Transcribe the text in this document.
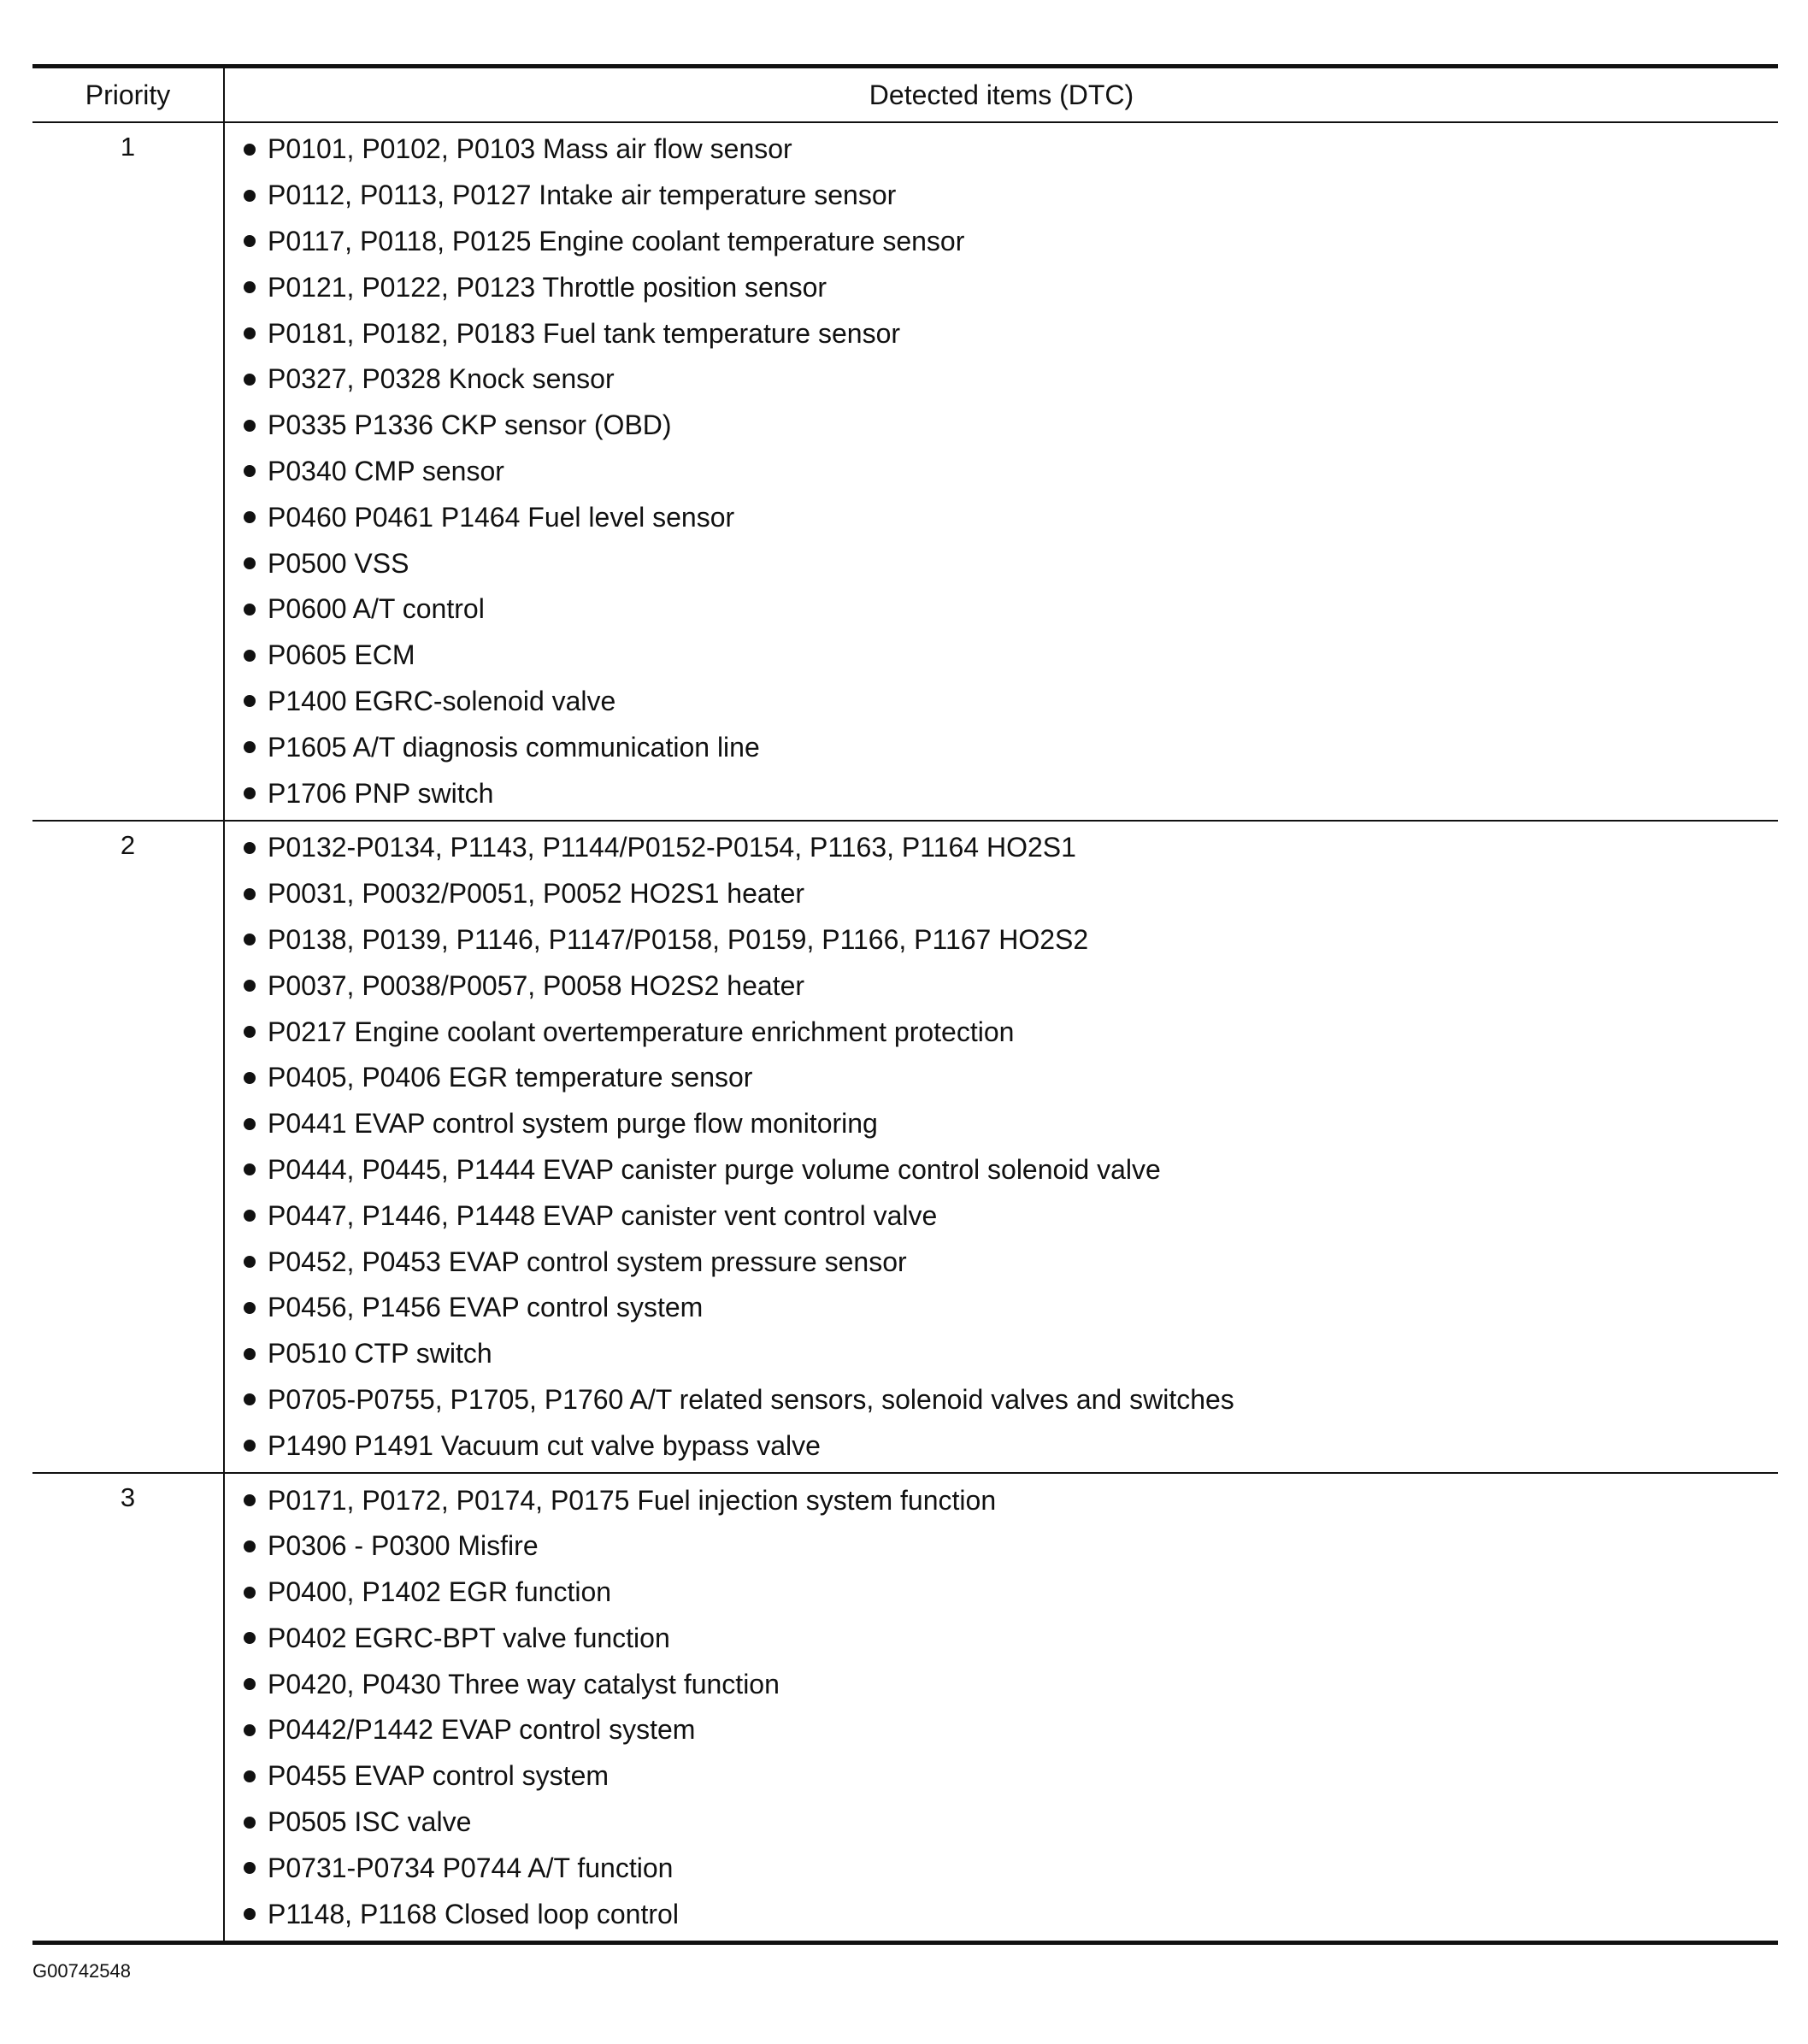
Priority	Detected items (DTC)
1	P0101, P0102, P0103 Mass air flow sensor
P0112, P0113, P0127 Intake air temperature sensor
P0117, P0118, P0125 Engine coolant temperature sensor
P0121, P0122, P0123 Throttle position sensor
P0181, P0182, P0183 Fuel tank temperature sensor
P0327, P0328 Knock sensor
P0335 P1336 CKP sensor (OBD)
P0340 CMP sensor
P0460 P0461 P1464 Fuel level sensor
P0500 VSS
P0600 A/T control
P0605 ECM
P1400 EGRC-solenoid valve
P1605 A/T diagnosis communication line
P1706 PNP switch
2	P0132-P0134, P1143, P1144/P0152-P0154, P1163, P1164 HO2S1
P0031, P0032/P0051, P0052 HO2S1 heater
P0138, P0139, P1146, P1147/P0158, P0159, P1166, P1167 HO2S2
P0037, P0038/P0057, P0058 HO2S2 heater
P0217 Engine coolant overtemperature enrichment protection
P0405, P0406 EGR temperature sensor
P0441 EVAP control system purge flow monitoring
P0444, P0445, P1444 EVAP canister purge volume control solenoid valve
P0447, P1446, P1448 EVAP canister vent control valve
P0452, P0453 EVAP control system pressure sensor
P0456, P1456 EVAP control system
P0510 CTP switch
P0705-P0755, P1705, P1760 A/T related sensors, solenoid valves and switches
P1490 P1491 Vacuum cut valve bypass valve
3	P0171, P0172, P0174, P0175 Fuel injection system function
P0306 - P0300 Misfire
P0400, P1402 EGR function
P0402 EGRC-BPT valve function
P0420, P0430 Three way catalyst function
P0442/P1442 EVAP control system
P0455 EVAP control system
P0505 ISC valve
P0731-P0734 P0744 A/T function
P1148, P1168 Closed loop control
G00742548
